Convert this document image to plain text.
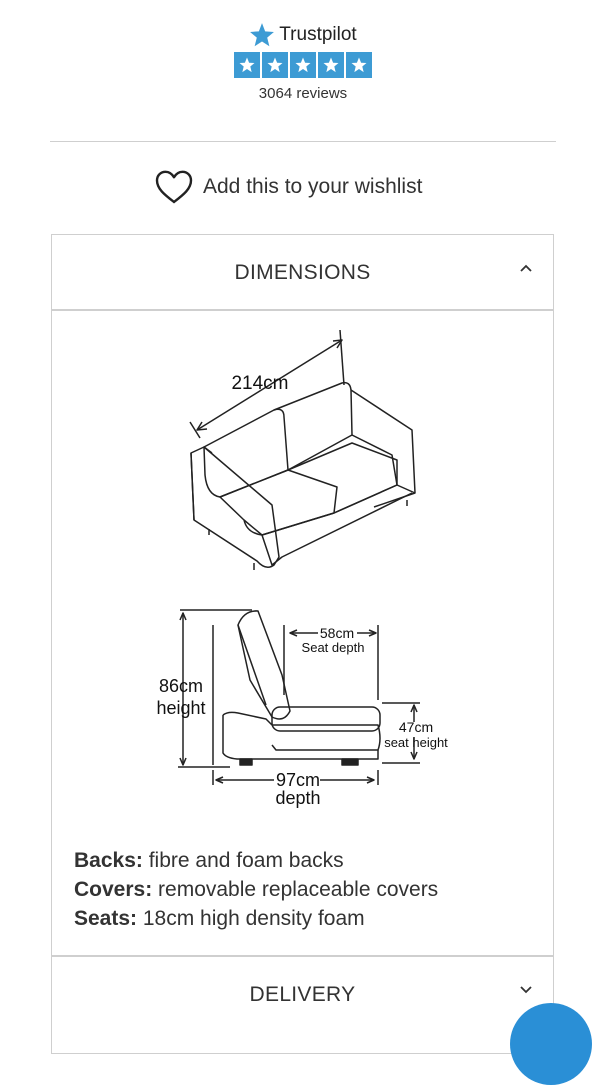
Trustpilot
3064 reviews
Add this to your wishlist
DIMENSIONS
214cm
86cm
height
58cm
Seat depth
47cm
seat height
97cm
depth
Backs: fibre and foam backs
Covers: removable replaceable covers
Seats: 18cm high density foam
DELIVERY
